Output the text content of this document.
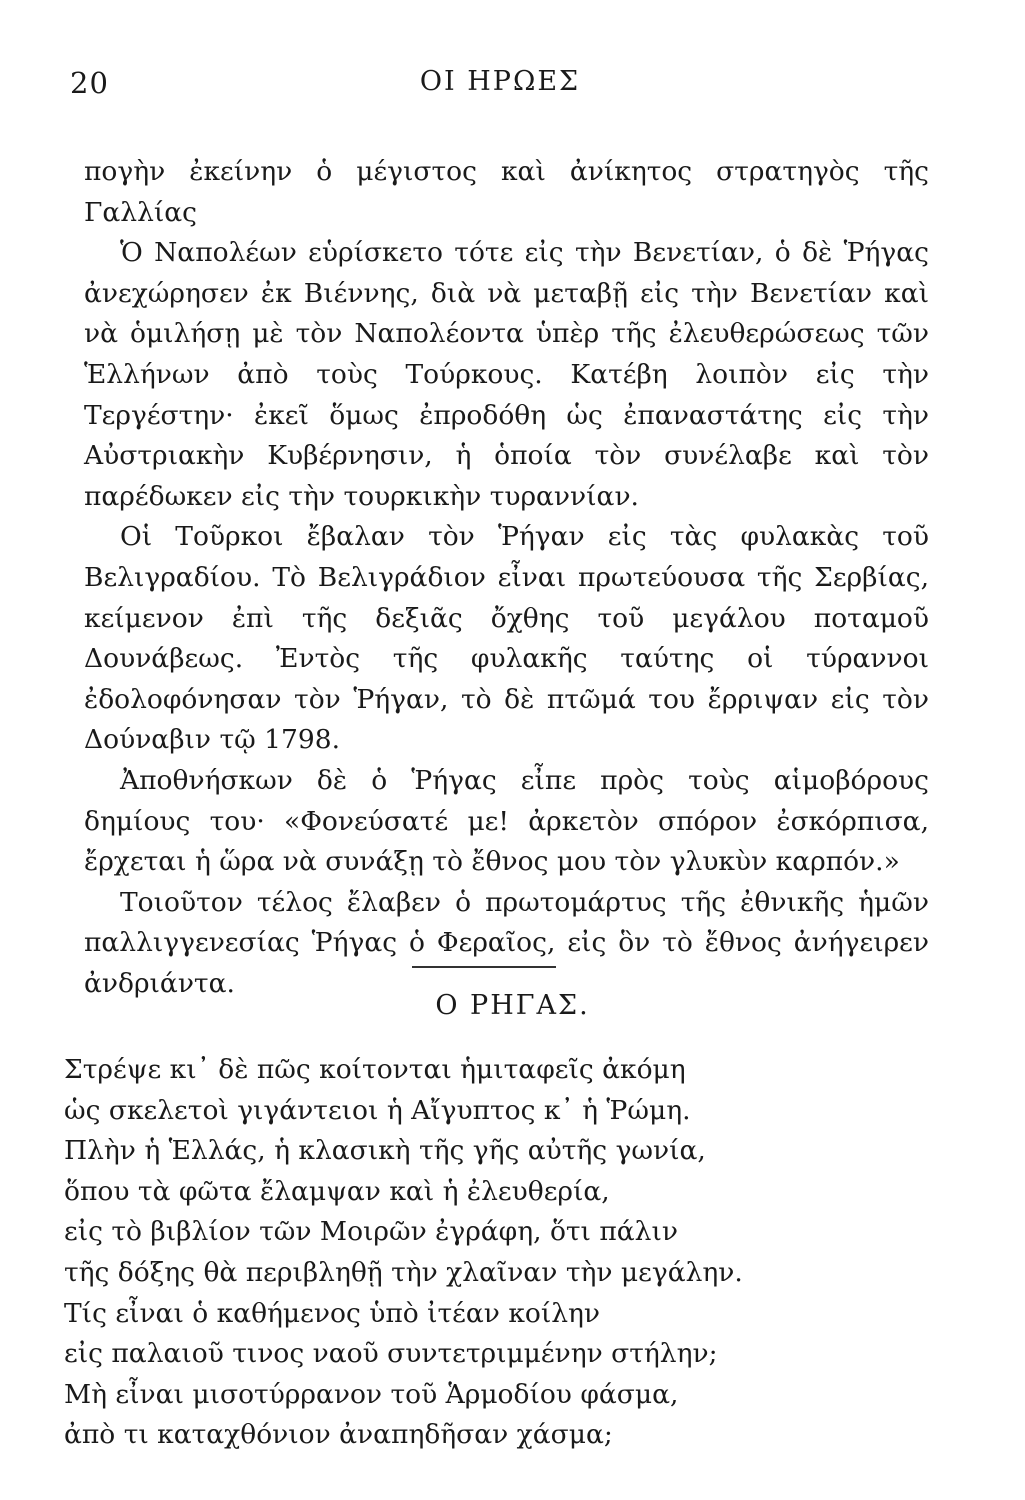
20	ΟΙ ΗΡΩΕΣ

πογὴν ἐκείνην ὁ μέγιστος καὶ ἀνίκητος στρατηγὸς τῆς Γαλλίας

Ὁ Ναπολέων εὑρίσκετο τότε εἰς τὴν Βενετίαν, ὁ δὲ Ῥήγας ἀνεχώρησεν ἐκ Βιέννης, διὰ νὰ μεταβῇ εἰς τὴν Βενετίαν καὶ νὰ ὁμιλήσῃ μὲ τὸν Ναπολέοντα ὑπὲρ τῆς ἐλευθερώσεως τῶν Ἑλλήνων ἀπὸ τοὺς Τούρκους. Κατέβη λοιπὸν εἰς τὴν Τεργέστην· ἐκεῖ ὅμως ἐπροδόθη ὡς ἐπαναστάτης εἰς τὴν Αὐστριακὴν Κυβέρνησιν, ἡ ὁποία τὸν συνέλαβε καὶ τὸν παρέδωκεν εἰς τὴν τουρκικὴν τυραννίαν.

Οἱ Τοῦρκοι ἔβαλαν τὸν Ῥήγαν εἰς τὰς φυλακὰς τοῦ Βελιγραδίου. Τὸ Βελιγράδιον εἶναι πρωτεύουσα τῆς Σερβίας, κείμενον ἐπὶ τῆς δεξιᾶς ὄχθης τοῦ μεγάλου ποταμοῦ Δουνάβεως. Ἐντὸς τῆς φυλακῆς ταύτης οἱ τύραννοι ἐδολοφόνησαν τὸν Ῥήγαν, τὸ δὲ πτῶμά του ἔρριψαν εἰς τὸν Δούναβιν τῷ 1798.

Ἀποθνήσκων δὲ ὁ Ῥήγας εἶπε πρὸς τοὺς αἱμοβόρους δημίους του· «Φονεύσατέ με! ἀρκετὸν σπόρον ἐσκόρπισα, ἔρχεται ἡ ὥρα νὰ συνάξῃ τὸ ἔθνος μου τὸν γλυκὺν καρπόν.»

Τοιοῦτον τέλος ἔλαβεν ὁ πρωτομάρτυς τῆς ἐθνικῆς ἡμῶν παλλιγγενεσίας Ῥήγας ὁ Φεραῖος, εἰς ὃν τὸ ἔθνος ἀνήγειρεν ἀνδριάντα.

Ο ΡΗΓΑΣ.
Στρέψε κι᾽ δὲ πῶς κοίτονται ἡμιταφεῖς ἀκόμη
ὡς σκελετοὶ γιγάντειοι ἡ Αἴγυπτος κ᾽ ἡ Ῥώμη.
Πλὴν ἡ Ἑλλάς, ἡ κλασικὴ τῆς γῆς αὐτῆς γωνία,
ὅπου τὰ φῶτα ἔλαμψαν καὶ ἡ ἐλευθερία,
εἰς τὸ βιβλίον τῶν Μοιρῶν ἐγράφη, ὅτι πάλιν
τῆς δόξης θὰ περιβληθῇ τὴν χλαῖναν τὴν μεγάλην.
Τίς εἶναι ὁ καθήμενος ὑπὸ ἰτέαν κοίλην
εἰς παλαιοῦ τινος ναοῦ συντετριμμένην στήλην;
Μὴ εἶναι μισοτύρρανον τοῦ Ἁρμοδίου φάσμα,
ἀπὸ τι καταχθόνιον ἀναπηδῆσαν χάσμα;
